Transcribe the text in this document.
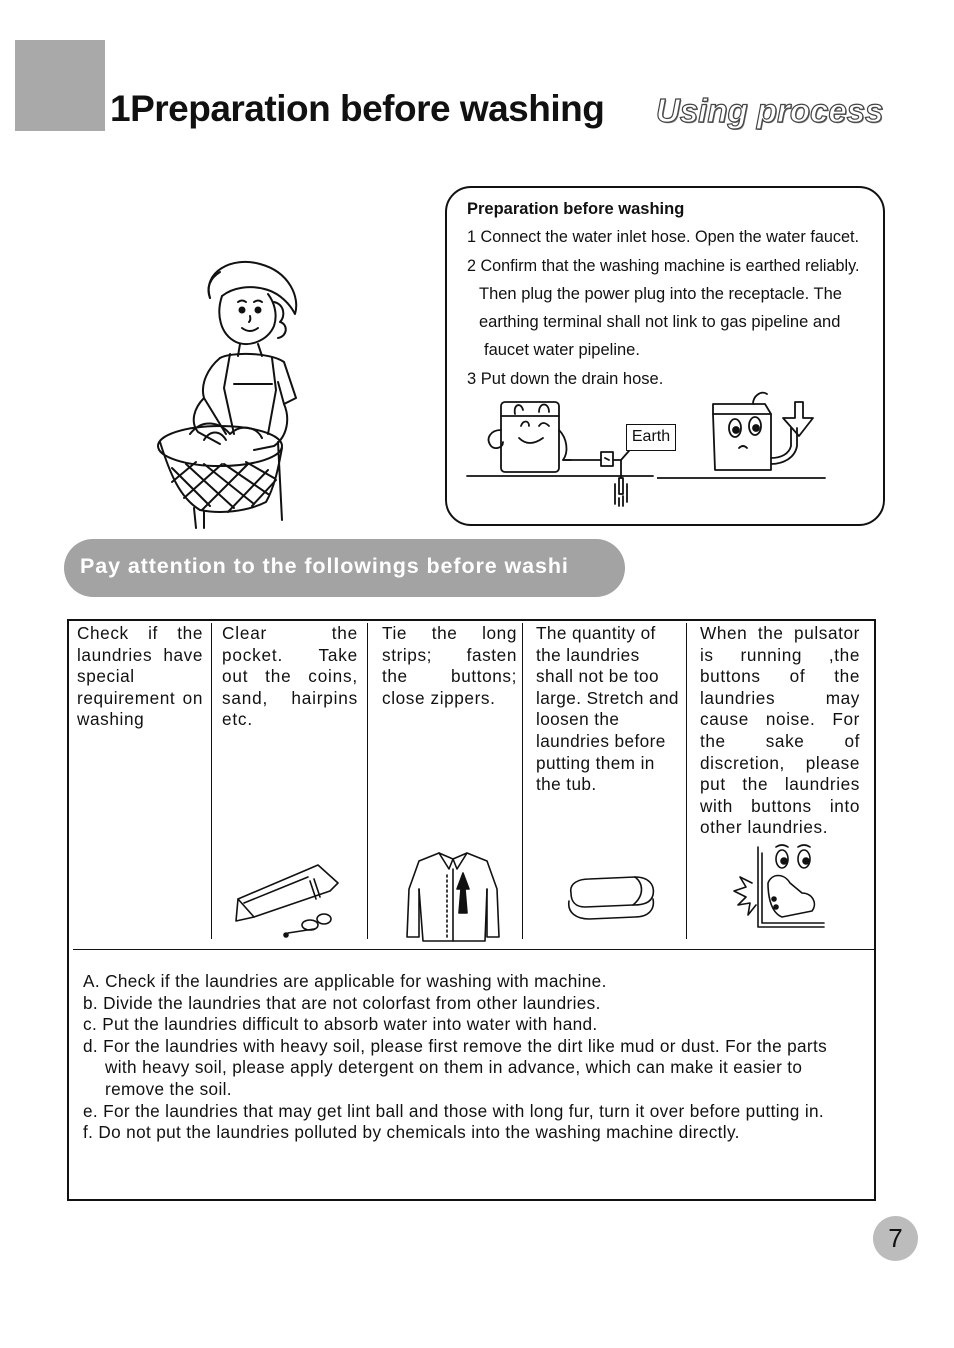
1Preparation before washing Using process
Preparation before washing
1 Connect the water inlet hose. Open the water faucet.
2 Confirm that the washing machine is earthed reliably.
Then plug the power plug into the receptacle. The
earthing terminal shall not link to gas pipeline and
faucet water pipeline.
3 Put down the drain hose.
Earth
Pay attention to the followings before washi
Check if the laundries have special requirement on washing
Clear the pocket. Take out the coins, sand, hairpins etc.
Tie the long strips; fasten the buttons; close zippers.
The quantity of the laundries shall not be too large. Stretch and loosen the laundries before putting them in the tub.
When the pulsator is running ,the buttons of the laundries may cause noise. For the sake of discretion, please put the laundries with buttons into other laundries.

A. Check if the laundries are applicable for washing with machine.

b. Divide the laundries that are not colorfast from other laundries.

c. Put the laundries difficult to absorb water into water with hand.

d. For the laundries with heavy soil, please first remove the dirt like mud or dust. For the parts with heavy soil, please apply detergent on them in advance, which can make it easier to remove the soil.

e. For the laundries that may get lint ball and those with long fur, turn it over before putting in.

f. Do not put the laundries polluted by chemicals into the washing machine directly.

7
